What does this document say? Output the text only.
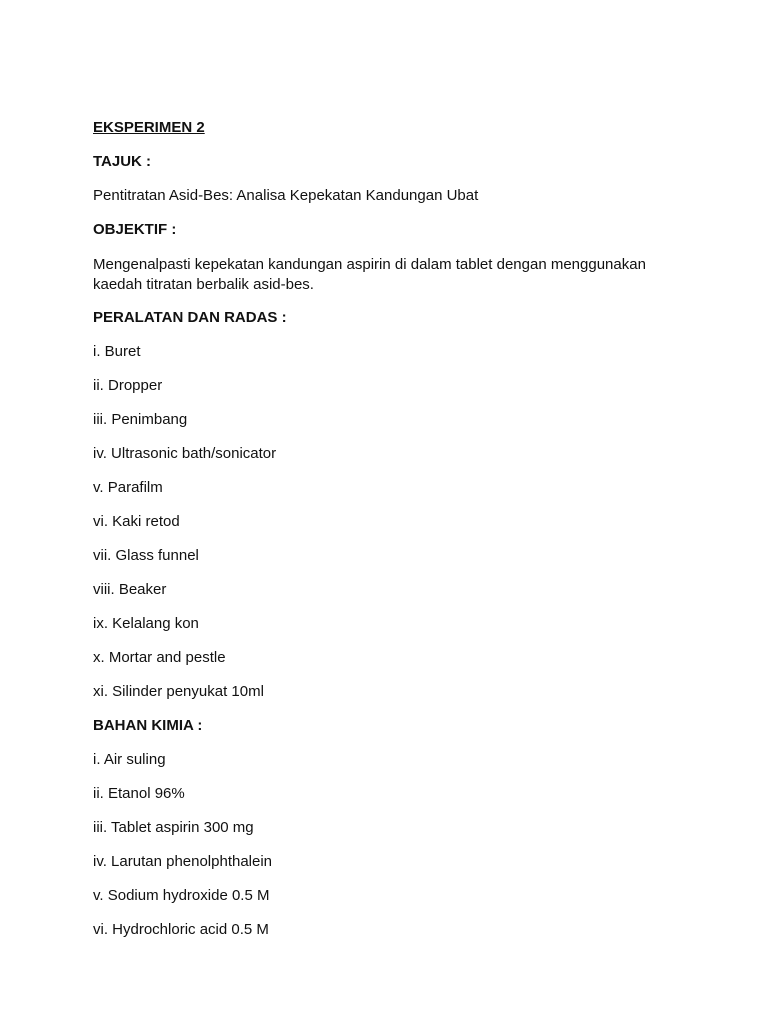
EKSPERIMEN 2
TAJUK :
Pentitratan Asid-Bes: Analisa Kepekatan Kandungan Ubat
OBJEKTIF :
Mengenalpasti kepekatan kandungan aspirin di dalam tablet dengan menggunakan
kaedah titratan berbalik asid-bes.
PERALATAN DAN RADAS :
i. Buret
ii. Dropper
iii. Penimbang
iv. Ultrasonic bath/sonicator
v. Parafilm
vi. Kaki retod
vii. Glass funnel
viii. Beaker
ix. Kelalang kon
x. Mortar and pestle
xi. Silinder penyukat 10ml
BAHAN KIMIA :
i. Air suling
ii. Etanol 96%
iii. Tablet aspirin 300 mg
iv. Larutan phenolphthalein
v. Sodium hydroxide 0.5 M
vi. Hydrochloric acid 0.5 M
